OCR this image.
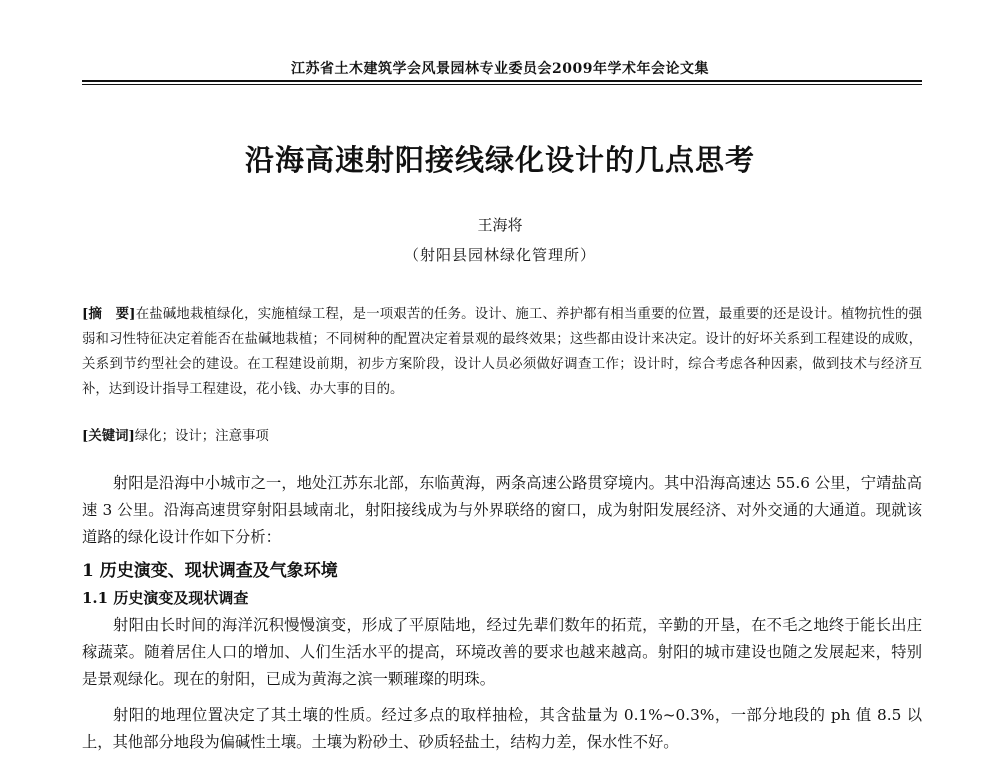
江苏省土木建筑学会风景园林专业委员会2009年学术年会论文集
沿海高速射阳接线绿化设计的几点思考
王海将
（射阳县园林绿化管理所）
[摘　要]在盐碱地栽植绿化，实施植绿工程，是一项艰苦的任务。设计、施工、养护都有相当重要的位置，最重要的还是设计。植物抗性的强弱和习性特征决定着能否在盐碱地栽植；不同树种的配置决定着景观的最终效果；这些都由设计来决定。设计的好坏关系到工程建设的成败，关系到节约型社会的建设。在工程建设前期，初步方案阶段，设计人员必须做好调查工作；设计时，综合考虑各种因素，做到技术与经济互补，达到设计指导工程建设，花小钱、办大事的目的。
[关键词]绿化；设计；注意事项
射阳是沿海中小城市之一，地处江苏东北部，东临黄海，两条高速公路贯穿境内。其中沿海高速达 55.6 公里，宁靖盐高速 3 公里。沿海高速贯穿射阳县域南北，射阳接线成为与外界联络的窗口，成为射阳发展经济、对外交通的大通道。现就该道路的绿化设计作如下分析：
1 历史演变、现状调查及气象环境
1.1 历史演变及现状调查
射阳由长时间的海洋沉积慢慢演变，形成了平原陆地，经过先辈们数年的拓荒，辛勤的开垦，在不毛之地终于能长出庄稼蔬菜。随着居住人口的增加、人们生活水平的提高，环境改善的要求也越来越高。射阳的城市建设也随之发展起来，特别是景观绿化。现在的射阳，已成为黄海之滨一颗璀璨的明珠。
射阳的地理位置决定了其土壤的性质。经过多点的取样抽检，其含盐量为 0.1%~0.3%，一部分地段的 ph 值 8.5 以上，其他部分地段为偏碱性土壤。土壤为粉砂土、砂质轻盐土，结构力差，保水性不好。
